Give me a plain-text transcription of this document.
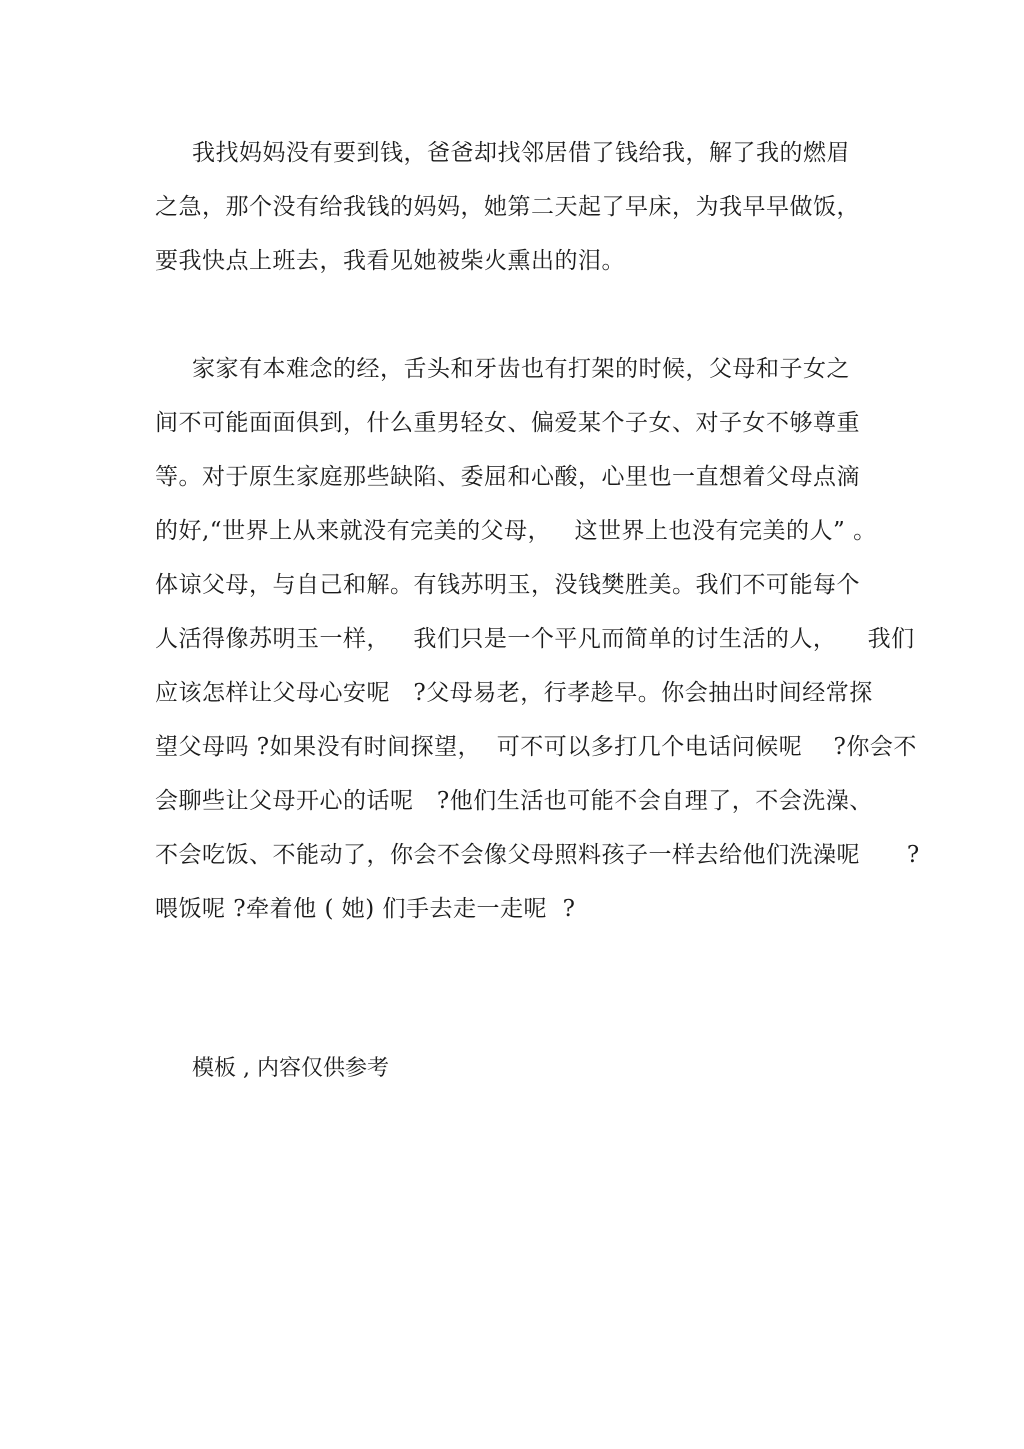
我找妈妈没有要到钱，爸爸却找邻居借了钱给我，解了我的燃眉
之急，那个没有给我钱的妈妈，她第二天起了早床，为我早早做饭，
要我快点上班去，我看见她被柴火熏出的泪。
家家有本难念的经，舌头和牙齿也有打架的时候，父母和子女之
间不可能面面俱到，什么重男轻女、偏爱某个子女、对子女不够尊重
等。对于原生家庭那些缺陷、委屈和心酸，心里也一直想着父母点滴
的好,“世界上从来就没有完美的父母，   这世界上也没有完美的人” 。
体谅父母，与自己和解。有钱苏明玉，没钱樊胜美。我们不可能每个
人活得像苏明玉一样，   我们只是一个平凡而简单的讨生活的人，    我们
应该怎样让父母心安呢   ?父母易老，行孝趁早。你会抽出时间经常探
望父母吗 ?如果没有时间探望，  可不可以多打几个电话问候呢    ?你会不
会聊些让父母开心的话呢   ?他们生活也可能不会自理了，不会洗澡、
不会吃饭、不能动了，你会不会像父母照料孩子一样去给他们洗澡呢      ?
喂饭呢 ?牵着他 ( 她) 们手去走一走呢  ?
模板 , 内容仅供参考
